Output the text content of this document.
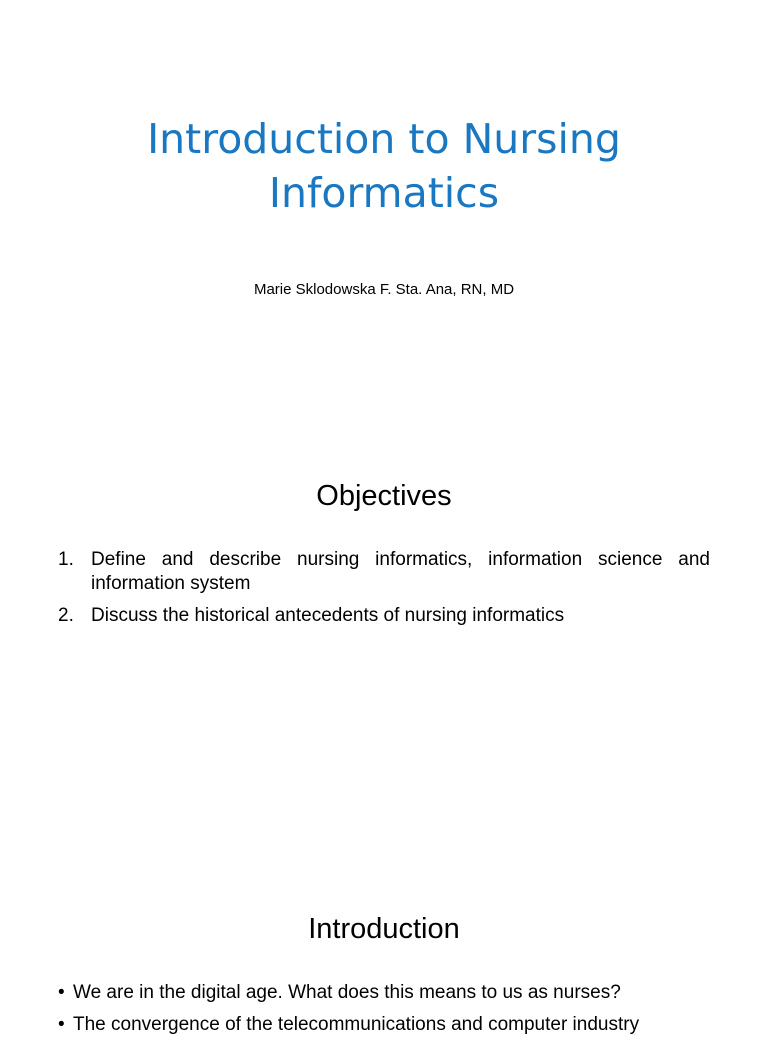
Introduction to Nursing
Informatics

Marie Sklodowska F. Sta. Ana, RN, MD

Objectives
1. Define and describe nursing informatics, information science and information system
2. Discuss the historical antecedents of nursing informatics
Introduction
• We are in the digital age. What does this means to us as nurses?
• The convergence of the telecommunications and computer industry
